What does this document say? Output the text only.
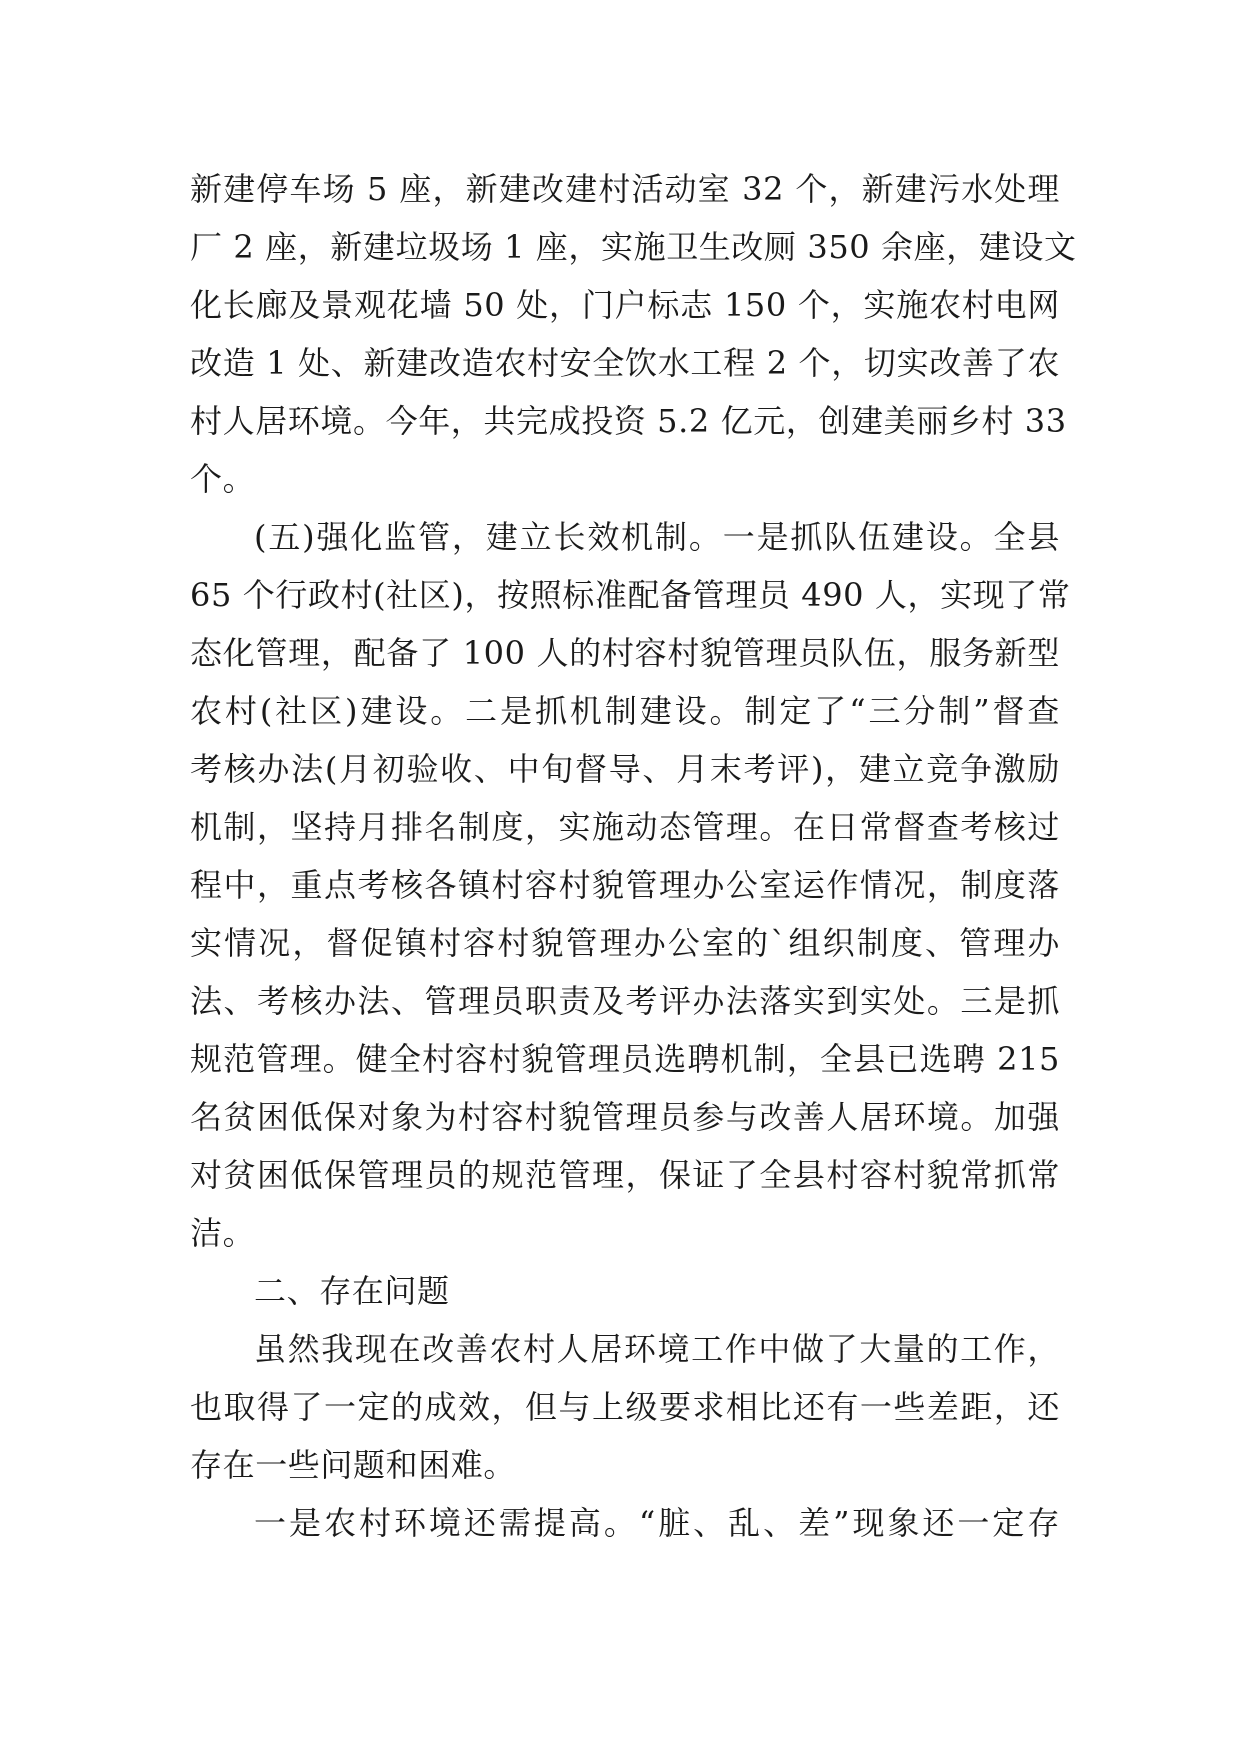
新建停车场 5 座，新建改建村活动室 32 个，新建污水处理
厂 2 座，新建垃圾场 1 座，实施卫生改厕 350 余座，建设文
化长廊及景观花墙 50 处，门户标志 150 个，实施农村电网
改造 1 处、新建改造农村安全饮水工程 2 个，切实改善了农
村人居环境。今年，共完成投资 5.2 亿元，创建美丽乡村 33
个。
(五)强化监管，建立长效机制。一是抓队伍建设。全县
65 个行政村(社区)，按照标准配备管理员 490 人，实现了常
态化管理，配备了 100 人的村容村貌管理员队伍，服务新型
农村(社区)建设。二是抓机制建设。制定了“三分制”督查
考核办法(月初验收、中旬督导、月末考评)，建立竞争激励
机制，坚持月排名制度，实施动态管理。在日常督查考核过
程中，重点考核各镇村容村貌管理办公室运作情况，制度落
实情况，督促镇村容村貌管理办公室的`组织制度、管理办
法、考核办法、管理员职责及考评办法落实到实处。三是抓
规范管理。健全村容村貌管理员选聘机制，全县已选聘 215
名贫困低保对象为村容村貌管理员参与改善人居环境。加强
对贫困低保管理员的规范管理，保证了全县村容村貌常抓常
洁。
二、存在问题
虽然我现在改善农村人居环境工作中做了大量的工作，
也取得了一定的成效，但与上级要求相比还有一些差距，还
存在一些问题和困难。
一是农村环境还需提高。“脏、乱、差”现象还一定存
